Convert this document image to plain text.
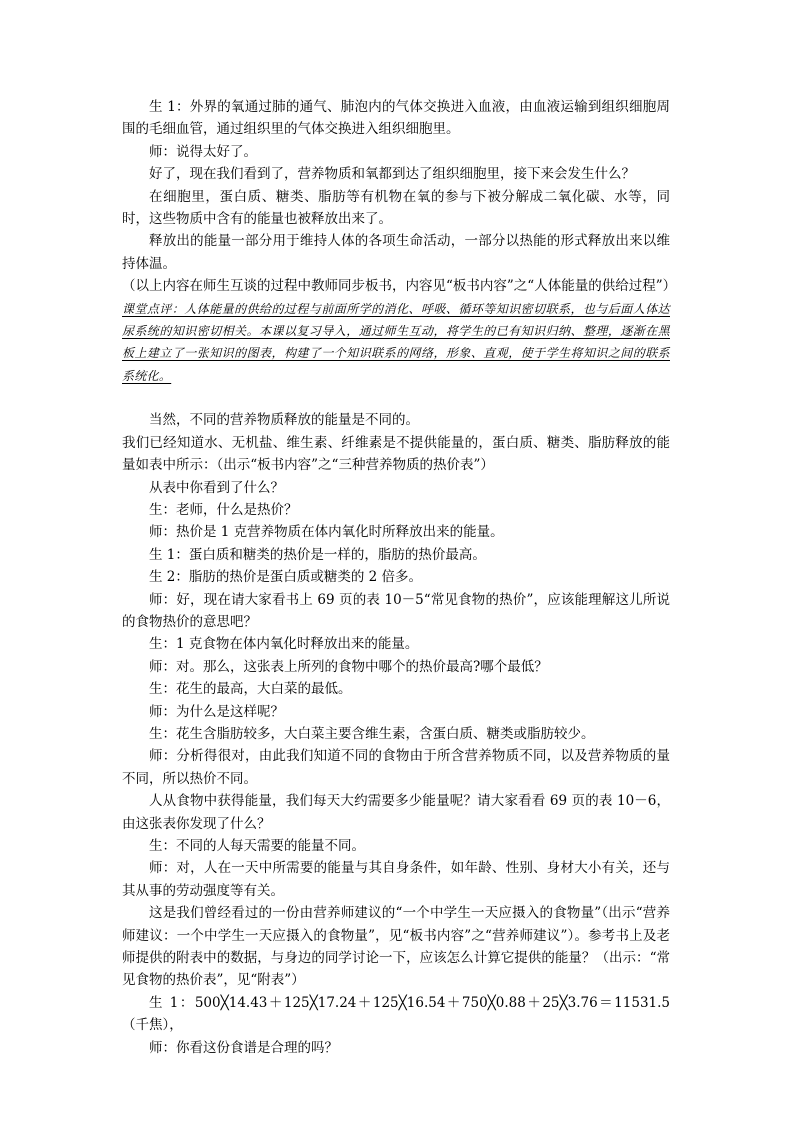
生 1：外界的氧通过肺的通气、肺泡内的气体交换进入血液，由血液运输到组织细胞周围的毛细血管，通过组织里的气体交换进入组织细胞里。

师：说得太好了。

好了，现在我们看到了，营养物质和氧都到达了组织细胞里，接下来会发生什么？

在细胞里，蛋白质、糖类、脂肪等有机物在氧的参与下被分解成二氧化碳、水等，同时，这些物质中含有的能量也被释放出来了。

释放出的能量一部分用于维持人体的各项生命活动，一部分以热能的形式释放出来以维持体温。

（以上内容在师生互谈的过程中教师同步板书，内容见“板书内容”之“人体能量的供给过程”）

课堂点评：人体能量的供给的过程与前面所学的消化、呼吸、循环等知识密切联系，也与后面人体达尿系统的知识密切相关。本课以复习导入，通过师生互动，将学生的已有知识归纳、整理，逐渐在黑板上建立了一张知识的图表，构建了一个知识联系的网络，形象、直观，使于学生将知识之间的联系系统化。

当然，不同的营养物质释放的能量是不同的。

我们已经知道水、无机盐、维生素、纤维素是不提供能量的，蛋白质、糖类、脂肪释放的能量如表中所示：（出示“板书内容”之“三种营养物质的热价表”）

从表中你看到了什么？

生：老师，什么是热价？

师：热价是 1 克营养物质在体内氧化时所释放出来的能量。

生 1：蛋白质和糖类的热价是一样的，脂肪的热价最高。

生 2：脂肪的热价是蛋白质或糖类的 2 倍多。

师：好，现在请大家看书上 69 页的表 10－5“常见食物的热价”，应该能理解这儿所说的食物热价的意思吧？

生：1 克食物在体内氧化时释放出来的能量。

师：对。那么，这张表上所列的食物中哪个的热价最高?哪个最低？

生：花生的最高，大白菜的最低。

师：为什么是这样呢？

生：花生含脂肪较多，大白菜主要含维生素，含蛋白质、糖类或脂肪较少。

师：分析得很对，由此我们知道不同的食物由于所含营养物质不同，以及营养物质的量不同，所以热价不同。

人从食物中获得能量，我们每天大约需要多少能量呢？请大家看看 69 页的表 10－6，由这张表你发现了什么？

生：不同的人每天需要的能量不同。

师：对，人在一天中所需要的能量与其自身条件，如年龄、性别、身材大小有关，还与其从事的劳动强度等有关。

这是我们曾经看过的一份由营养师建议的“一个中学生一天应摄入的食物量”（出示“营养师建议：一个中学生一天应摄入的食物量”，见“板书内容”之“营养师建议”）。参考书上及老师提供的附表中的数据，与身边的同学讨论一下，应该怎么计算它提供的能量？（出示：“常见食物的热价表”，见“附表”）

生 1：500╳14.43＋125╳17.24＋125╳16.54＋750╳0.88＋25╳3.76＝11531.5（千焦），

师：你看这份食谱是合理的吗？
